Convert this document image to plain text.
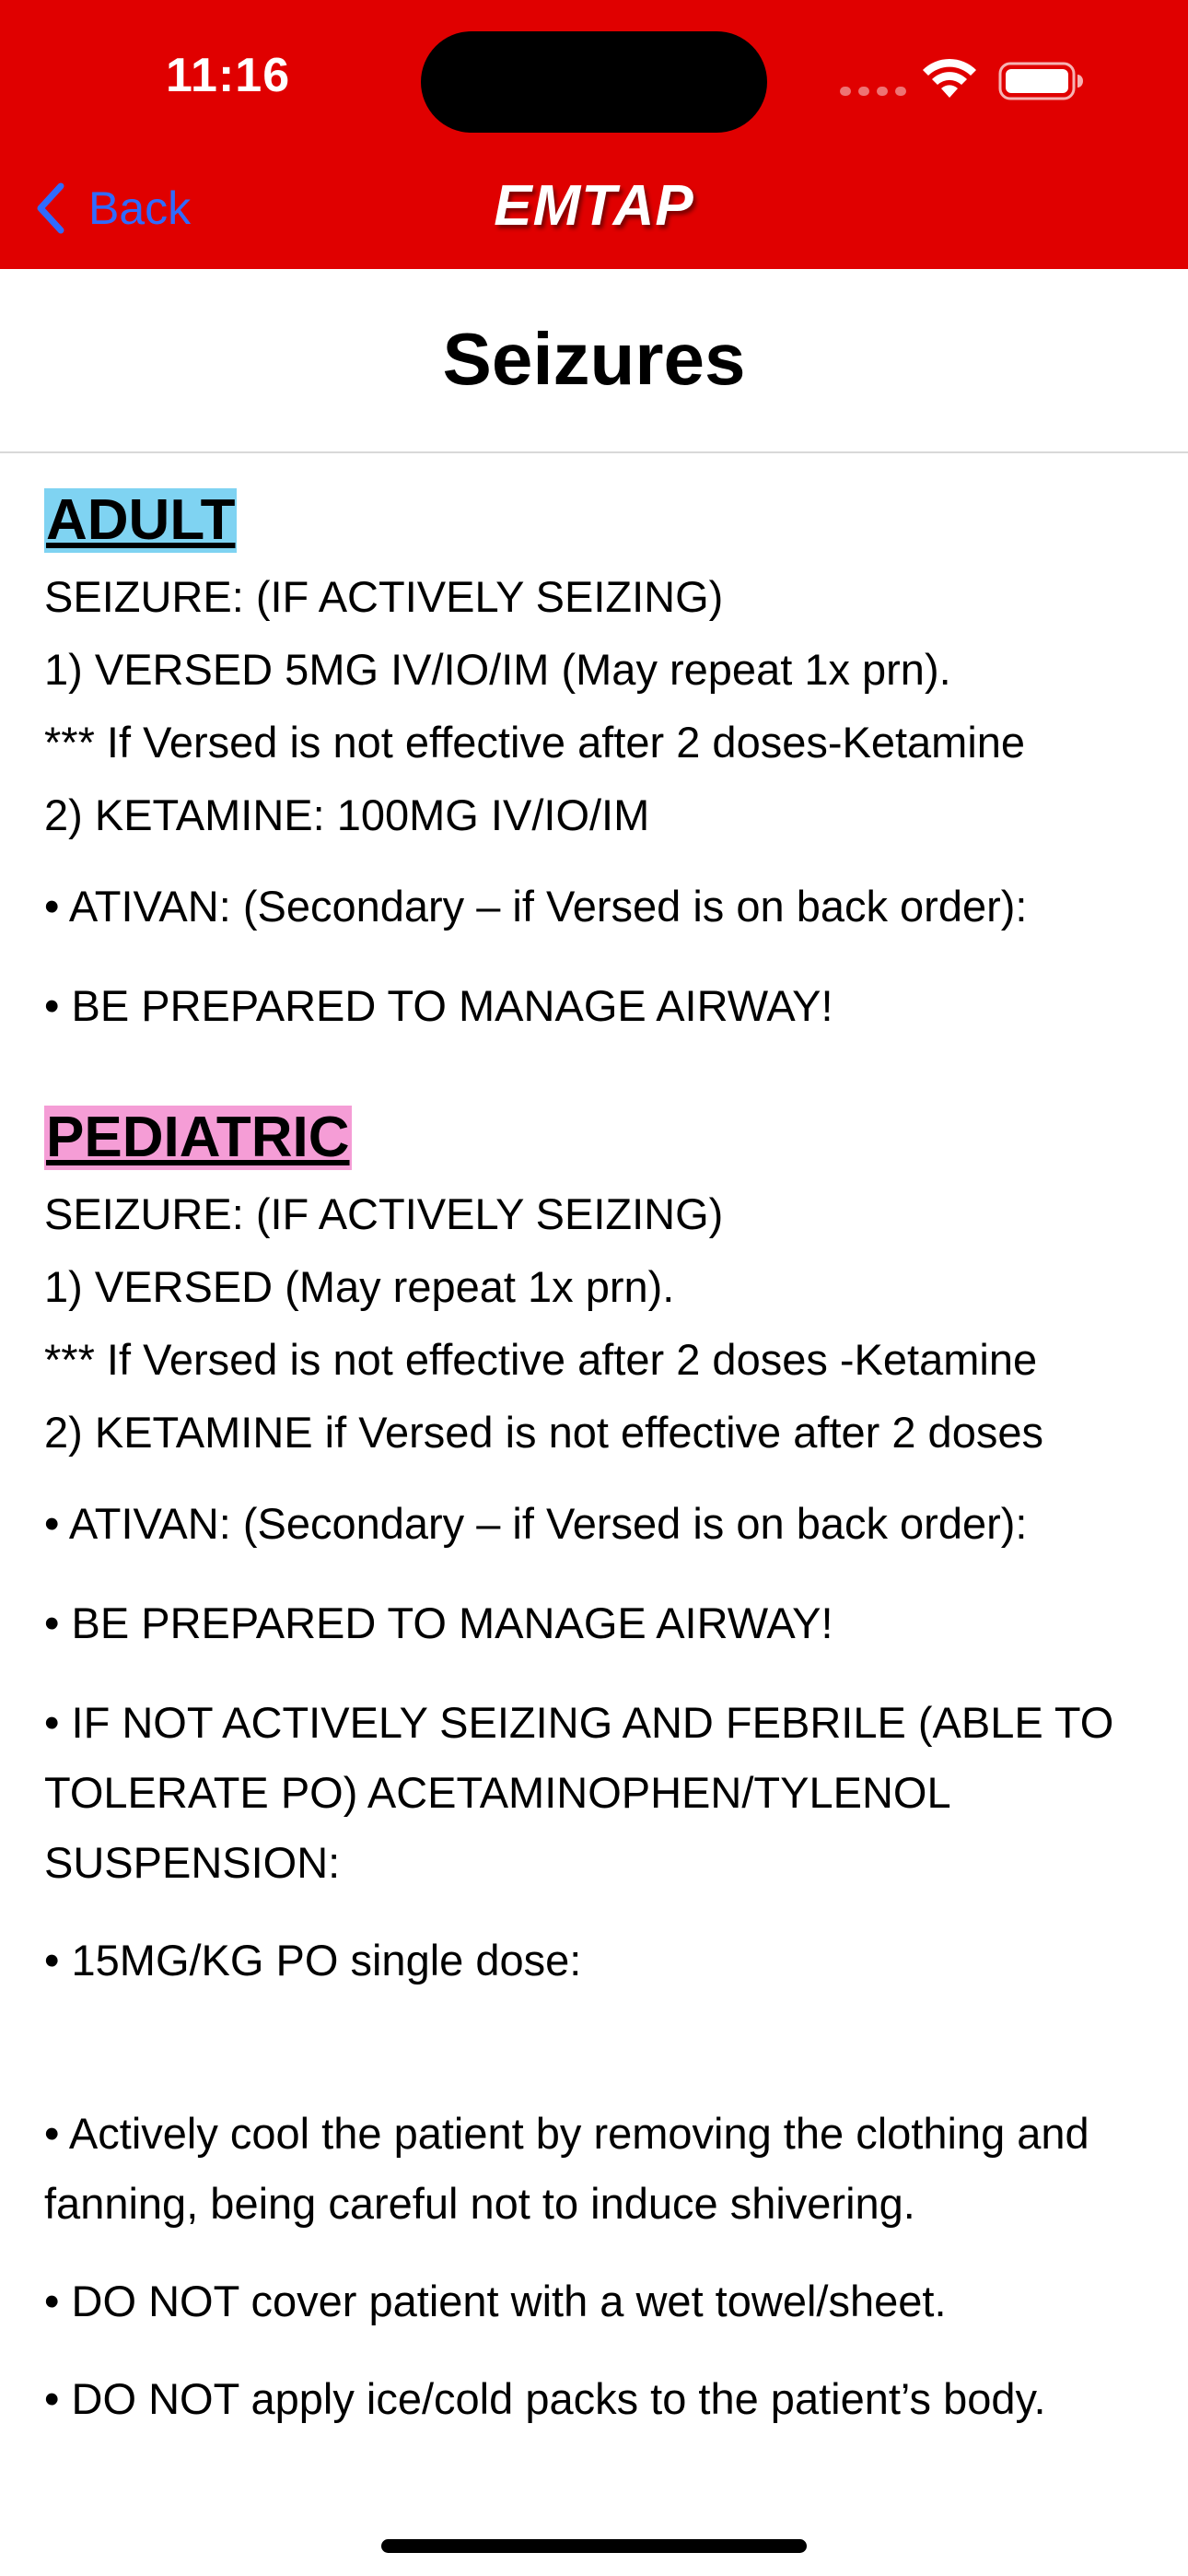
11:16
Back	EMTAP
Seizures
ADULT
SEIZURE: (IF ACTIVELY SEIZING)
1) VERSED 5MG IV/IO/IM (May repeat 1x prn).
*** If Versed is not effective after 2 doses-Ketamine
2) KETAMINE: 100MG IV/IO/IM
• ATIVAN: (Secondary – if Versed is on back order):
• BE PREPARED TO MANAGE AIRWAY!
PEDIATRIC
SEIZURE: (IF ACTIVELY SEIZING)
1) VERSED (May repeat 1x prn).
*** If Versed is not effective after 2 doses -Ketamine
2) KETAMINE if Versed is not effective after 2 doses
• ATIVAN: (Secondary – if Versed is on back order):
• BE PREPARED TO MANAGE AIRWAY!
• IF NOT ACTIVELY SEIZING AND FEBRILE (ABLE TO TOLERATE PO) ACETAMINOPHEN/TYLENOL SUSPENSION:
• 15MG/KG PO single dose:
• Actively cool the patient by removing the clothing and fanning, being careful not to induce shivering.
• DO NOT cover patient with a wet towel/sheet.
• DO NOT apply ice/cold packs to the patient’s body.
